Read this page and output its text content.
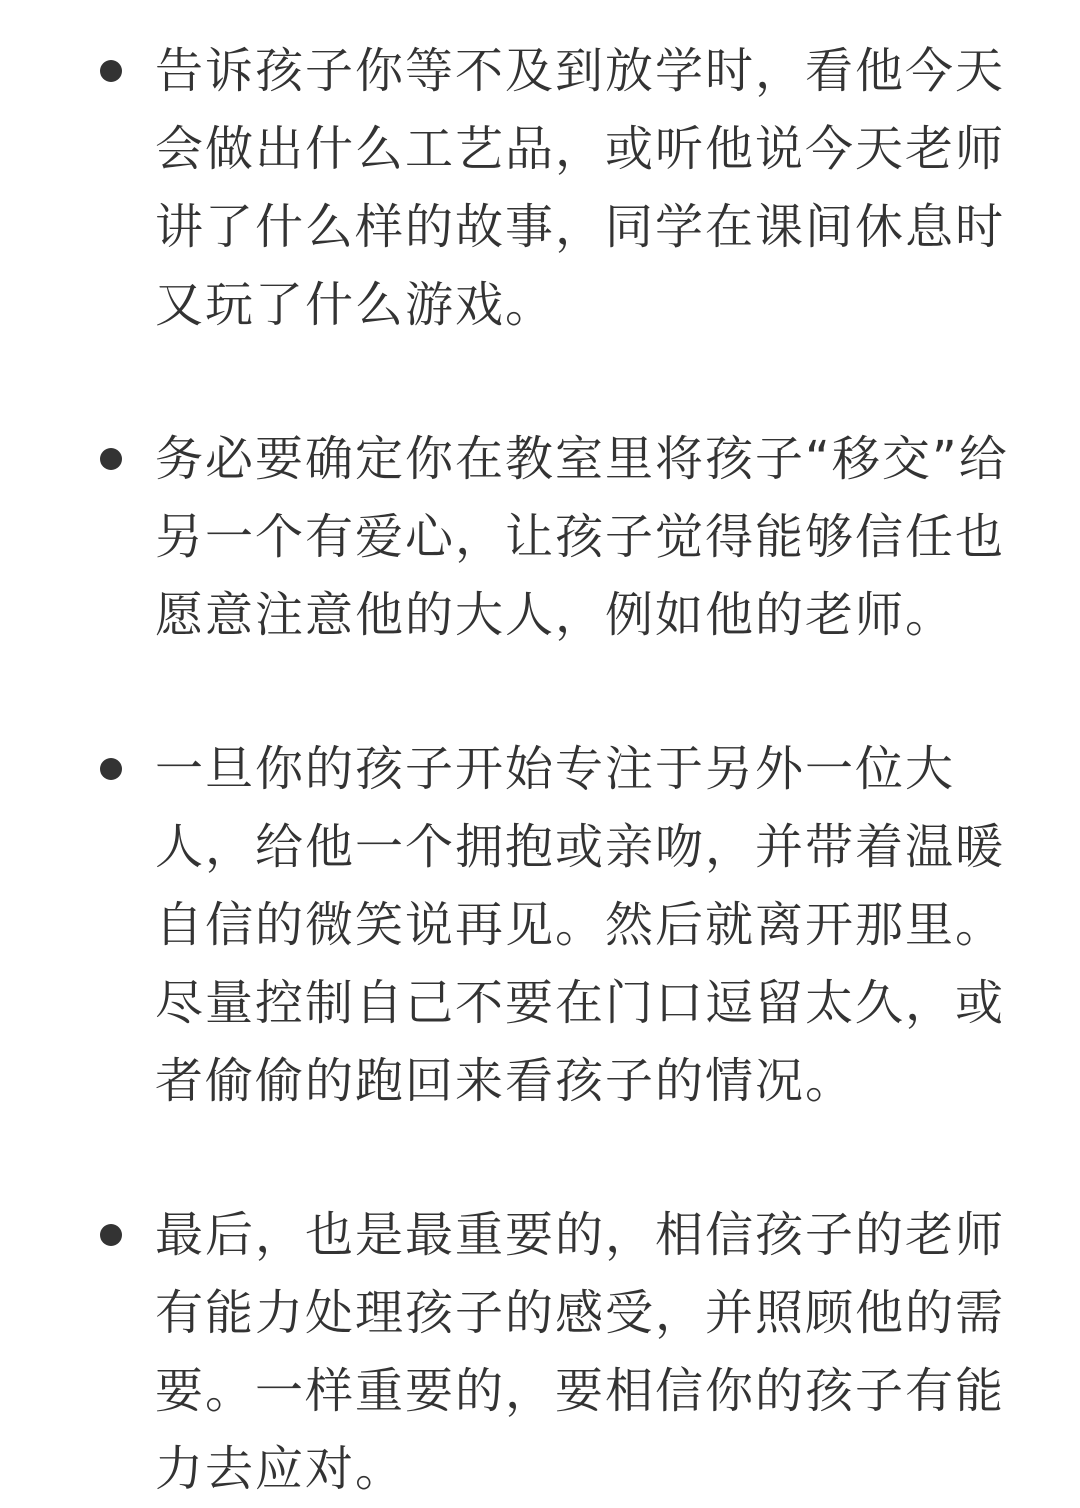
告诉孩子你等不及到放学时，看他今天会做出什么工艺品，或听他说今天老师讲了什么样的故事，同学在课间休息时又玩了什么游戏。

务必要确定你在教室里将孩子“移交”给另一个有爱心，让孩子觉得能够信任也愿意注意他的大人，例如他的老师。

一旦你的孩子开始专注于另外一位大人，给他一个拥抱或亲吻，并带着温暖自信的微笑说再见。然后就离开那里。尽量控制自己不要在门口逗留太久，或者偷偷的跑回来看孩子的情况。

最后，也是最重要的，相信孩子的老师有能力处理孩子的感受，并照顾他的需要。一样重要的，要相信你的孩子有能力去应对。
